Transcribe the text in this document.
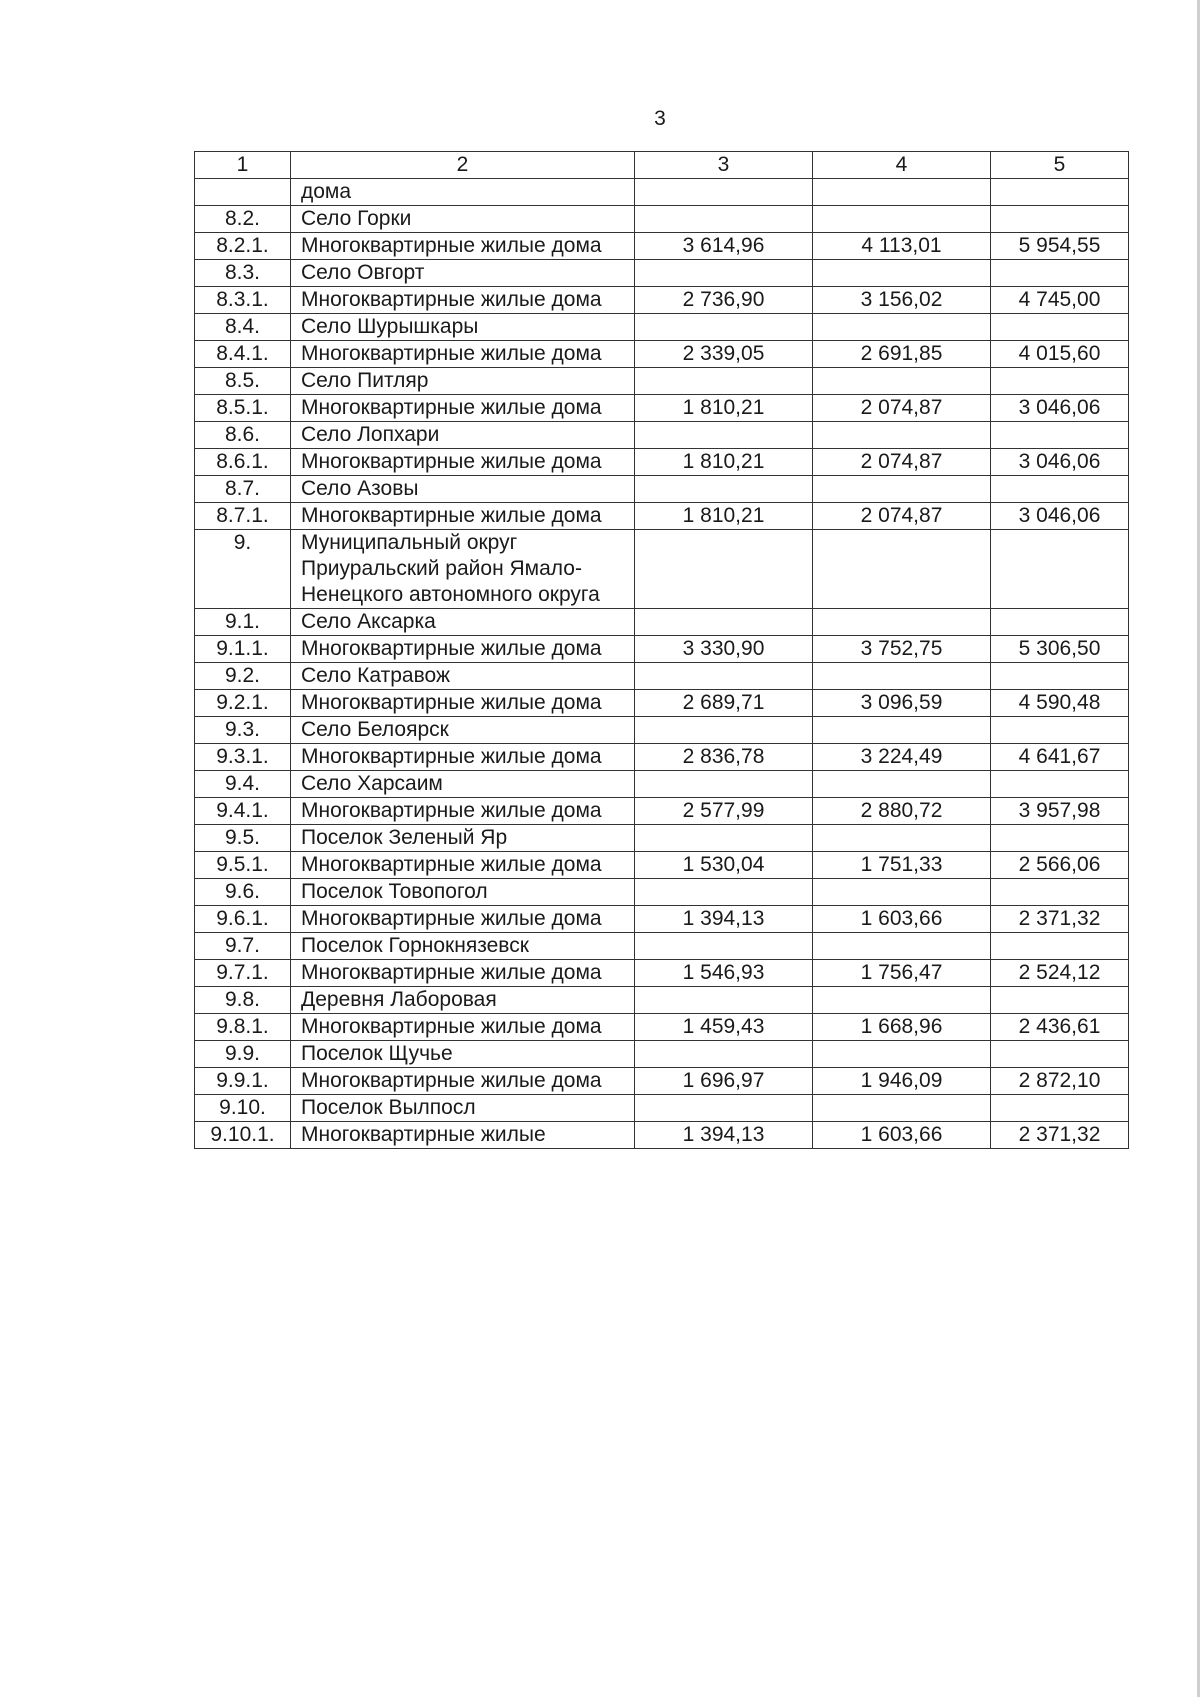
3
1	2	3	4	5
	дома			
8.2.	Село Горки			
8.2.1.	Многоквартирные жилые дома	3 614,96	4 113,01	5 954,55
8.3.	Село Овгорт			
8.3.1.	Многоквартирные жилые дома	2 736,90	3 156,02	4 745,00
8.4.	Село Шурышкары			
8.4.1.	Многоквартирные жилые дома	2 339,05	2 691,85	4 015,60
8.5.	Село Питляр			
8.5.1.	Многоквартирные жилые дома	1 810,21	2 074,87	3 046,06
8.6.	Село Лопхари			
8.6.1.	Многоквартирные жилые дома	1 810,21	2 074,87	3 046,06
8.7.	Село Азовы			
8.7.1.	Многоквартирные жилые дома	1 810,21	2 074,87	3 046,06
9.	Муниципальный округ Приуральский район Ямало-Ненецкого автономного округа			
9.1.	Село Аксарка			
9.1.1.	Многоквартирные жилые дома	3 330,90	3 752,75	5 306,50
9.2.	Село Катравож			
9.2.1.	Многоквартирные жилые дома	2 689,71	3 096,59	4 590,48
9.3.	Село Белоярск			
9.3.1.	Многоквартирные жилые дома	2 836,78	3 224,49	4 641,67
9.4.	Село Харсаим			
9.4.1.	Многоквартирные жилые дома	2 577,99	2 880,72	3 957,98
9.5.	Поселок Зеленый Яр			
9.5.1.	Многоквартирные жилые дома	1 530,04	1 751,33	2 566,06
9.6.	Поселок Товопогол			
9.6.1.	Многоквартирные жилые дома	1 394,13	1 603,66	2 371,32
9.7.	Поселок Горнокнязевск			
9.7.1.	Многоквартирные жилые дома	1 546,93	1 756,47	2 524,12
9.8.	Деревня Лаборовая			
9.8.1.	Многоквартирные жилые дома	1 459,43	1 668,96	2 436,61
9.9.	Поселок Щучье			
9.9.1.	Многоквартирные жилые дома	1 696,97	1 946,09	2 872,10
9.10.	Поселок Вылпосл			
9.10.1.	Многоквартирные жилые	1 394,13	1 603,66	2 371,32
